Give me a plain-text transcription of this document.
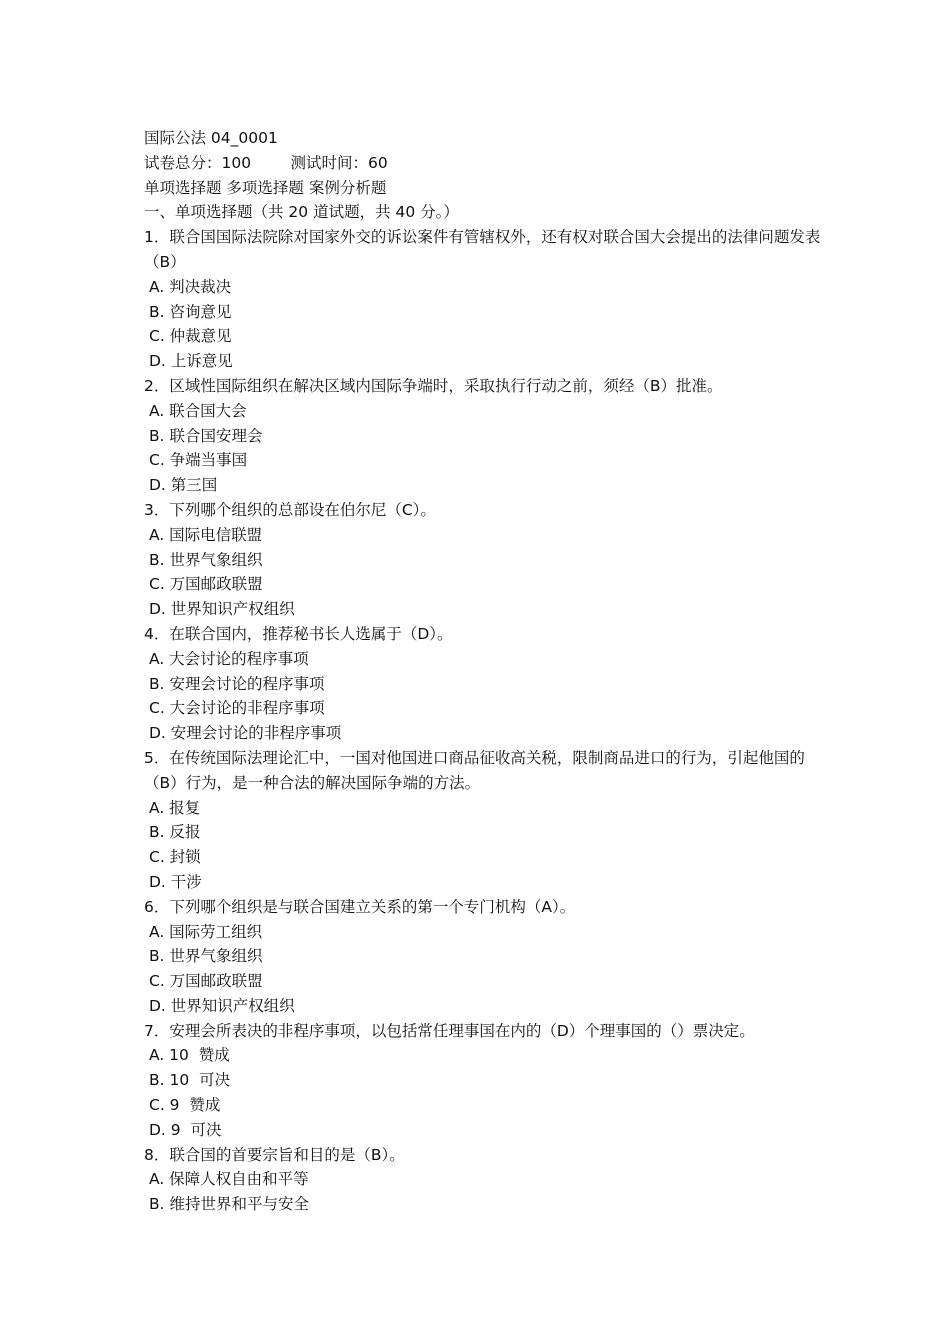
国际公法 04_0001
试卷总分：100        测试时间：60
单项选择题 多项选择题 案例分析题
一、单项选择题（共 20 道试题，共 40 分。）
1．联合国国际法院除对国家外交的诉讼案件有管辖权外，还有权对联合国大会提出的法律问题发表（B）
A. 判决裁决
B. 咨询意见
C. 仲裁意见
D. 上诉意见
2．区域性国际组织在解决区域内国际争端时，采取执行行动之前，须经（B）批准。
A. 联合国大会
B. 联合国安理会
C. 争端当事国
D. 第三国
3．下列哪个组织的总部设在伯尔尼（C）。
A. 国际电信联盟
B. 世界气象组织
C. 万国邮政联盟
D. 世界知识产权组织
4．在联合国内，推荐秘书长人选属于（D）。
A. 大会讨论的程序事项
B. 安理会讨论的程序事项
C. 大会讨论的非程序事项
D. 安理会讨论的非程序事项
5．在传统国际法理论汇中，一国对他国进口商品征收高关税，限制商品进口的行为，引起他国的（B）行为，是一种合法的解决国际争端的方法。
A. 报复
B. 反报
C. 封锁
D. 干涉
6．下列哪个组织是与联合国建立关系的第一个专门机构（A）。
A. 国际劳工组织
B. 世界气象组织
C. 万国邮政联盟
D. 世界知识产权组织
7．安理会所表决的非程序事项，以包括常任理事国在内的（D）个理事国的（）票决定。
A. 10  赞成
B. 10  可决
C. 9  赞成
D. 9  可决
8．联合国的首要宗旨和目的是（B）。
A. 保障人权自由和平等
B. 维持世界和平与安全
